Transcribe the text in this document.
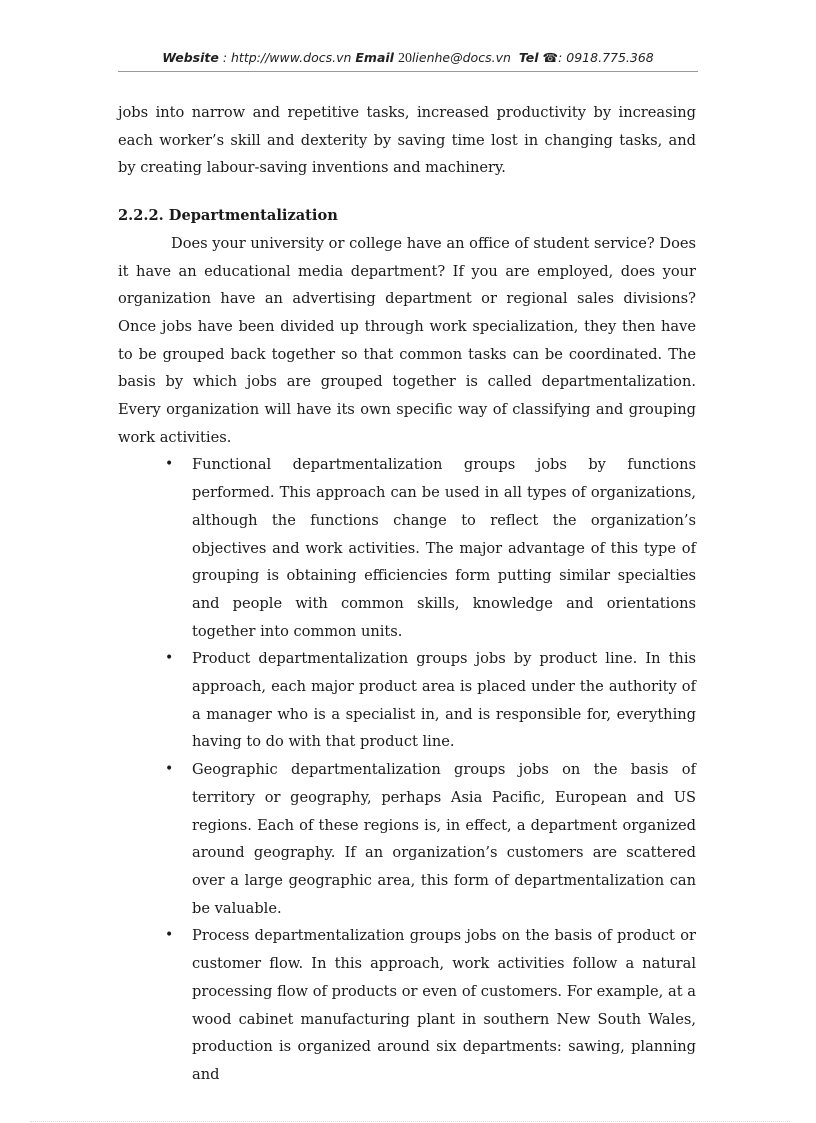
Website : http://www.docs.vn Email 20lienhe@docs.vn Tel ☎: 0918.775.368

jobs into narrow and repetitive tasks, increased productivity by increasing each worker’s skill and dexterity by saving time lost in changing tasks, and by creating labour-saving inventions and machinery.

2.2.2. Departmentalization

Does your university or college have an office of student service? Does it have an educational media department? If you are employed, does your organization have an advertising department or regional sales divisions? Once jobs have been divided up through work specialization, they then have to be grouped back together so that common tasks can be coordinated. The basis by which jobs are grouped together is called departmentalization. Every organization will have its own specific way of classifying and grouping work activities.

• Functional departmentalization groups jobs by functions performed. This approach can be used in all types of organizations, although the functions change to reflect the organization’s objectives and work activities. The major advantage of this type of grouping is obtaining efficiencies form putting similar specialties and people with common skills, knowledge and orientations together into common units.
• Product departmentalization groups jobs by product line. In this approach, each major product area is placed under the authority of a manager who is a specialist in, and is responsible for, everything having to do with that product line.
• Geographic departmentalization groups jobs on the basis of territory or geography, perhaps Asia Pacific, European and US regions. Each of these regions is, in effect, a department organized around geography. If an organization’s customers are scattered over a large geographic area, this form of departmentalization can be valuable.
• Process departmentalization groups jobs on the basis of product or customer flow. In this approach, work activities follow a natural processing flow of products or even of customers. For example, at a wood cabinet manufacturing plant in southern New South Wales, production is organized around six departments: sawing, planning and
